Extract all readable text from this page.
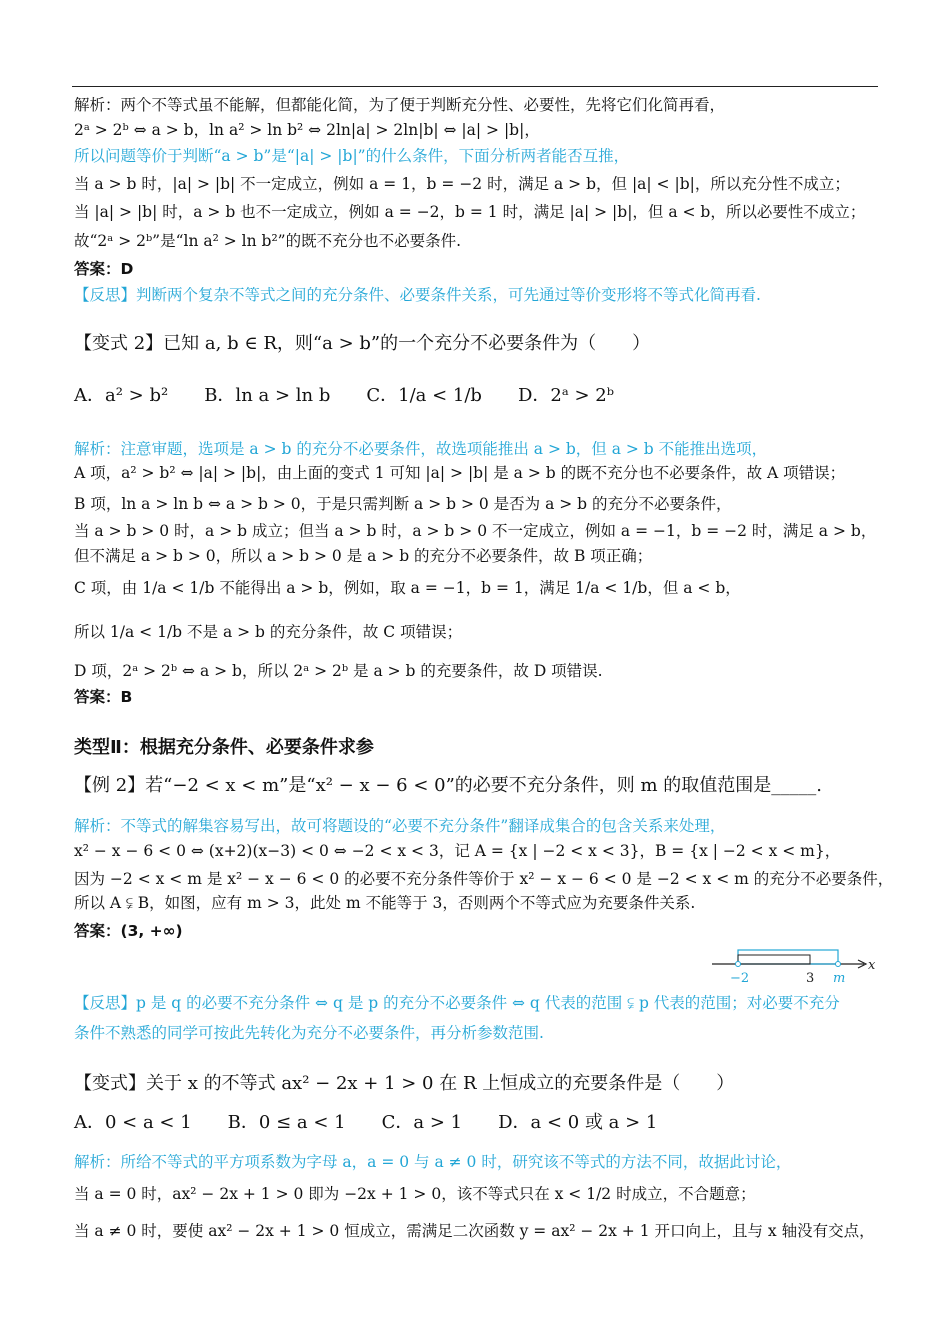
解析：两个不等式虽不能解，但都能化简，为了便于判断充分性、必要性，先将它们化简再看，
2ᵃ > 2ᵇ ⇔ a > b，ln a² > ln b² ⇔ 2ln|a| > 2ln|b| ⇔ |a| > |b|，
所以问题等价于判断“a > b”是“|a| > |b|”的什么条件，下面分析两者能否互推，
当 a > b 时，|a| > |b| 不一定成立，例如 a = 1，b = −2 时，满足 a > b，但 |a| < |b|，所以充分性不成立；
当 |a| > |b| 时，a > b 也不一定成立，例如 a = −2，b = 1 时，满足 |a| > |b|，但 a < b，所以必要性不成立；
故“2ᵃ > 2ᵇ”是“ln a² > ln b²”的既不充分也不必要条件.
答案：D
【反思】判断两个复杂不等式之间的充分条件、必要条件关系，可先通过等价变形将不等式化简再看.
【变式 2】已知 a, b ∈ R，则“a > b”的一个充分不必要条件为（　　）
A．a² > b²　　B．ln a > ln b　　C．1/a < 1/b　　D．2ᵃ > 2ᵇ
解析：注意审题，选项是 a > b 的充分不必要条件，故选项能推出 a > b，但 a > b 不能推出选项，
A 项，a² > b² ⇔ |a| > |b|，由上面的变式 1 可知 |a| > |b| 是 a > b 的既不充分也不必要条件，故 A 项错误；
B 项，ln a > ln b ⇔ a > b > 0，于是只需判断 a > b > 0 是否为 a > b 的充分不必要条件，
当 a > b > 0 时，a > b 成立；但当 a > b 时，a > b > 0 不一定成立，例如 a = −1，b = −2 时，满足 a > b，
但不满足 a > b > 0，所以 a > b > 0 是 a > b 的充分不必要条件，故 B 项正确；
C 项，由 1/a < 1/b 不能得出 a > b，例如，取 a = −1，b = 1，满足 1/a < 1/b，但 a < b，
所以 1/a < 1/b 不是 a > b 的充分条件，故 C 项错误；
D 项，2ᵃ > 2ᵇ ⇔ a > b，所以 2ᵃ > 2ᵇ 是 a > b 的充要条件，故 D 项错误.
答案：B
类型Ⅱ：根据充分条件、必要条件求参
【例 2】若“−2 < x < m”是“x² − x − 6 < 0”的必要不充分条件，则 m 的取值范围是_____.
解析：不等式的解集容易写出，故可将题设的“必要不充分条件”翻译成集合的包含关系来处理，
x² − x − 6 < 0 ⇔ (x+2)(x−3) < 0 ⇔ −2 < x < 3，记 A = {x | −2 < x < 3}，B = {x | −2 < x < m}，
因为 −2 < x < m 是 x² − x − 6 < 0 的必要不充分条件等价于 x² − x − 6 < 0 是 −2 < x < m 的充分不必要条件，
所以 A ⫋ B，如图，应有 m > 3，此处 m 不能等于 3，否则两个不等式应为充要条件关系.
答案：(3, +∞)
【反思】p 是 q 的必要不充分条件 ⇔ q 是 p 的充分不必要条件 ⇔ q 代表的范围 ⫋ p 代表的范围；对必要不充分
条件不熟悉的同学可按此先转化为充分不必要条件，再分析参数范围.
【变式】关于 x 的不等式 ax² − 2x + 1 > 0 在 R 上恒成立的充要条件是（　　）
A．0 < a < 1　　B．0 ≤ a < 1　　C．a > 1　　D．a < 0 或 a > 1
解析：所给不等式的平方项系数为字母 a，a = 0 与 a ≠ 0 时，研究该不等式的方法不同，故据此讨论，
当 a = 0 时，ax² − 2x + 1 > 0 即为 −2x + 1 > 0，该不等式只在 x < 1/2 时成立，不合题意；
当 a ≠ 0 时，要使 ax² − 2x + 1 > 0 恒成立，需满足二次函数 y = ax² − 2x + 1 开口向上，且与 x 轴没有交点，
−2	3 m
x
